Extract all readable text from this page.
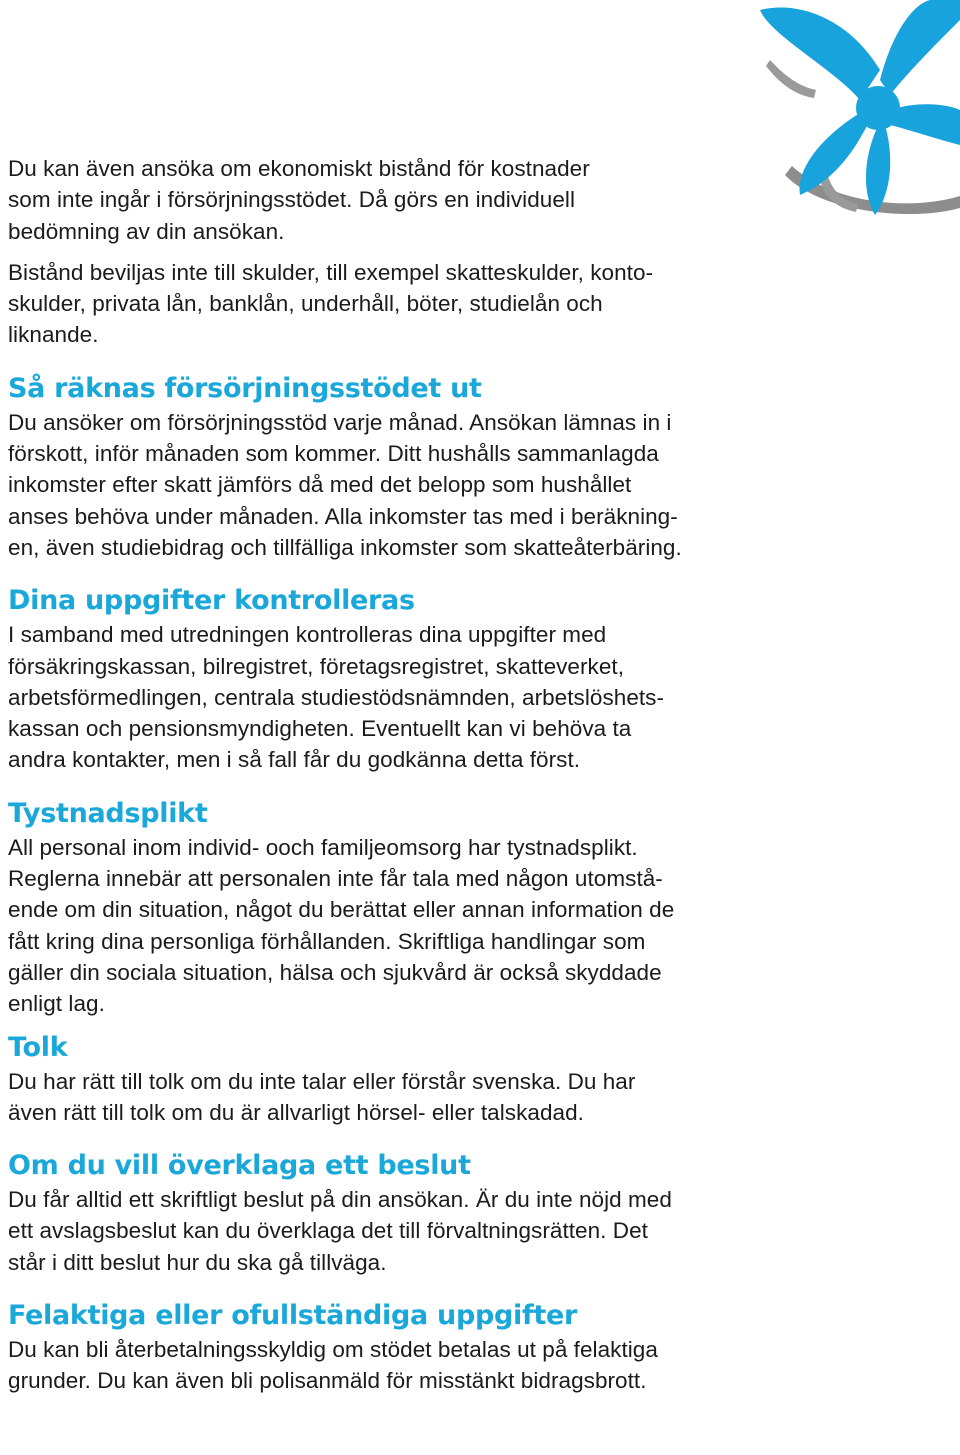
Du kan även ansöka om ekonomiskt bistånd för kostnader
som inte ingår i försörjningsstödet. Då görs en individuell
bedömning av din ansökan.

Bistånd beviljas inte till skulder, till exempel skatteskulder, konto-
skulder, privata lån, banklån, underhåll, böter, studielån och
liknande.

Så räknas försörjningsstödet ut

Du ansöker om försörjningsstöd varje månad. Ansökan lämnas in i
förskott, inför månaden som kommer. Ditt hushålls sammanlagda
inkomster efter skatt jämförs då med det belopp som hushållet
anses behöva under månaden. Alla inkomster tas med i beräkning-
en, även studiebidrag och tillfälliga inkomster som skatteåterbäring.

Dina uppgifter kontrolleras

I samband med utredningen kontrolleras dina uppgifter med
försäkringskassan, bilregistret, företagsregistret, skatteverket,
arbetsförmedlingen, centrala studiestödsnämnden, arbetslöshets-
kassan och pensionsmyndigheten. Eventuellt kan vi behöva ta
andra kontakter, men i så fall får du godkänna detta först.

Tystnadsplikt

All personal inom individ- ooch familjeomsorg har tystnadsplikt.
Reglerna innebär att personalen inte får tala med någon utomstå-
ende om din situation, något du berättat eller annan information de
fått kring dina personliga förhållanden. Skriftliga handlingar som
gäller din sociala situation, hälsa och sjukvård är också skyddade
enligt lag.

Tolk

Du har rätt till tolk om du inte talar eller förstår svenska. Du har
även rätt till tolk om du är allvarligt hörsel- eller talskadad.

Om du vill överklaga ett beslut

Du får alltid ett skriftligt beslut på din ansökan. Är du inte nöjd med
ett avslagsbeslut kan du överklaga det till förvaltningsrätten. Det
står i ditt beslut hur du ska gå tillväga.

Felaktiga eller ofullständiga uppgifter

Du kan bli återbetalningsskyldig om stödet betalas ut på felaktiga
grunder. Du kan även bli polisanmäld för misstänkt bidragsbrott.
